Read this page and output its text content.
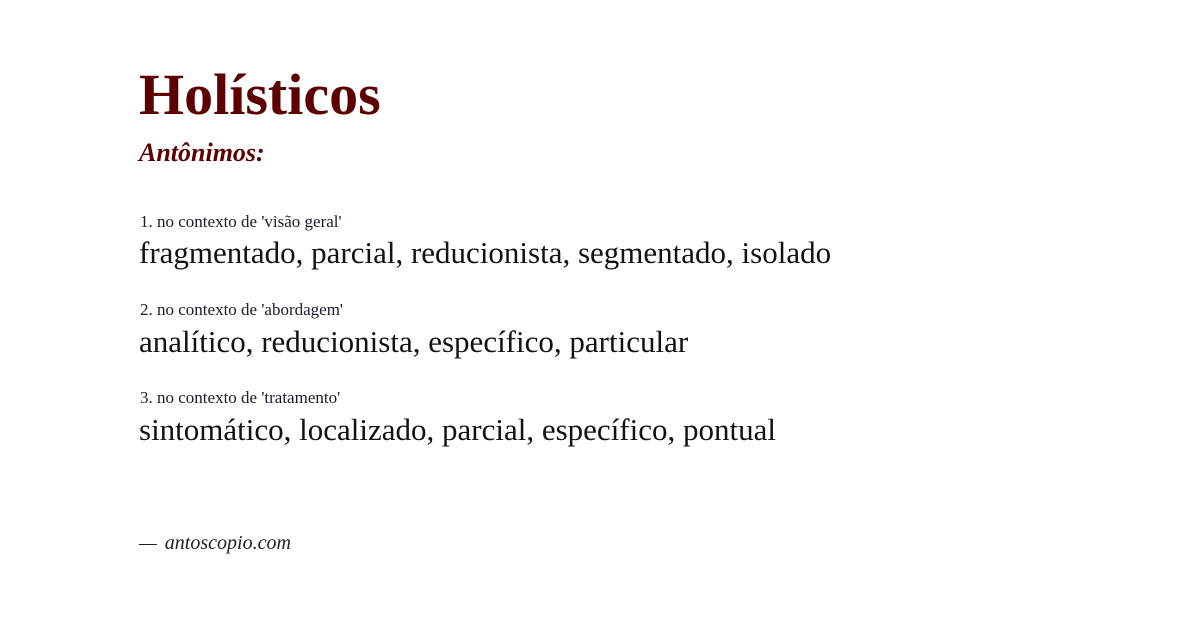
Holísticos
Antônimos:
1. no contexto de 'visão geral'
fragmentado, parcial, reducionista, segmentado, isolado
2. no contexto de 'abordagem'
analítico, reducionista, específico, particular
3. no contexto de 'tratamento'
sintomático, localizado, parcial, específico, pontual
— antoscopio.com
